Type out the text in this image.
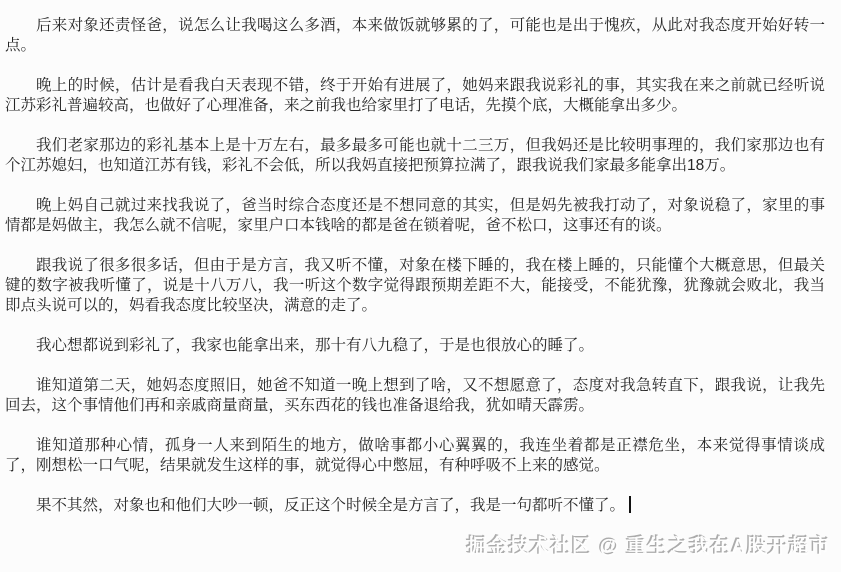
后来对象还责怪爸，说怎么让我喝这么多酒，本来做饭就够累的了，可能也是出于愧疚，从此对我态度开始好转一点。

晚上的时候，估计是看我白天表现不错，终于开始有进展了，她妈来跟我说彩礼的事，其实我在来之前就已经听说江苏彩礼普遍较高，也做好了心理准备，来之前我也给家里打了电话，先摸个底，大概能拿出多少。

我们老家那边的彩礼基本上是十万左右，最多最多可能也就十二三万，但我妈还是比较明事理的，我们家那边也有个江苏媳妇，也知道江苏有钱，彩礼不会低，所以我妈直接把预算拉满了，跟我说我们家最多能拿出18万。

晚上妈自己就过来找我说了，爸当时综合态度还是不想同意的其实，但是妈先被我打动了，对象说稳了，家里的事情都是妈做主，我怎么就不信呢，家里户口本钱啥的都是爸在锁着呢，爸不松口，这事还有的谈。

跟我说了很多很多话，但由于是方言，我又听不懂，对象在楼下睡的，我在楼上睡的，只能懂个大概意思，但最关键的数字被我听懂了，说是十八万八，我一听这个数字觉得跟预期差距不大，能接受，不能犹豫，犹豫就会败北，我当即点头说可以的，妈看我态度比较坚决，满意的走了。

我心想都说到彩礼了，我家也能拿出来，那十有八九稳了，于是也很放心的睡了。

谁知道第二天，她妈态度照旧，她爸不知道一晚上想到了啥，又不想愿意了，态度对我急转直下，跟我说，让我先回去，这个事情他们再和亲戚商量商量，买东西花的钱也准备退给我，犹如晴天霹雳。

谁知道那种心情，孤身一人来到陌生的地方，做啥事都小心翼翼的，我连坐着都是正襟危坐，本来觉得事情谈成了，刚想松一口气呢，结果就发生这样的事，就觉得心中憋屈，有种呼吸不上来的感觉。

果不其然，对象也和他们大吵一顿，反正这个时候全是方言了，我是一句都听不懂了。

掘金技术社区 @ 重生之我在A股开超市
